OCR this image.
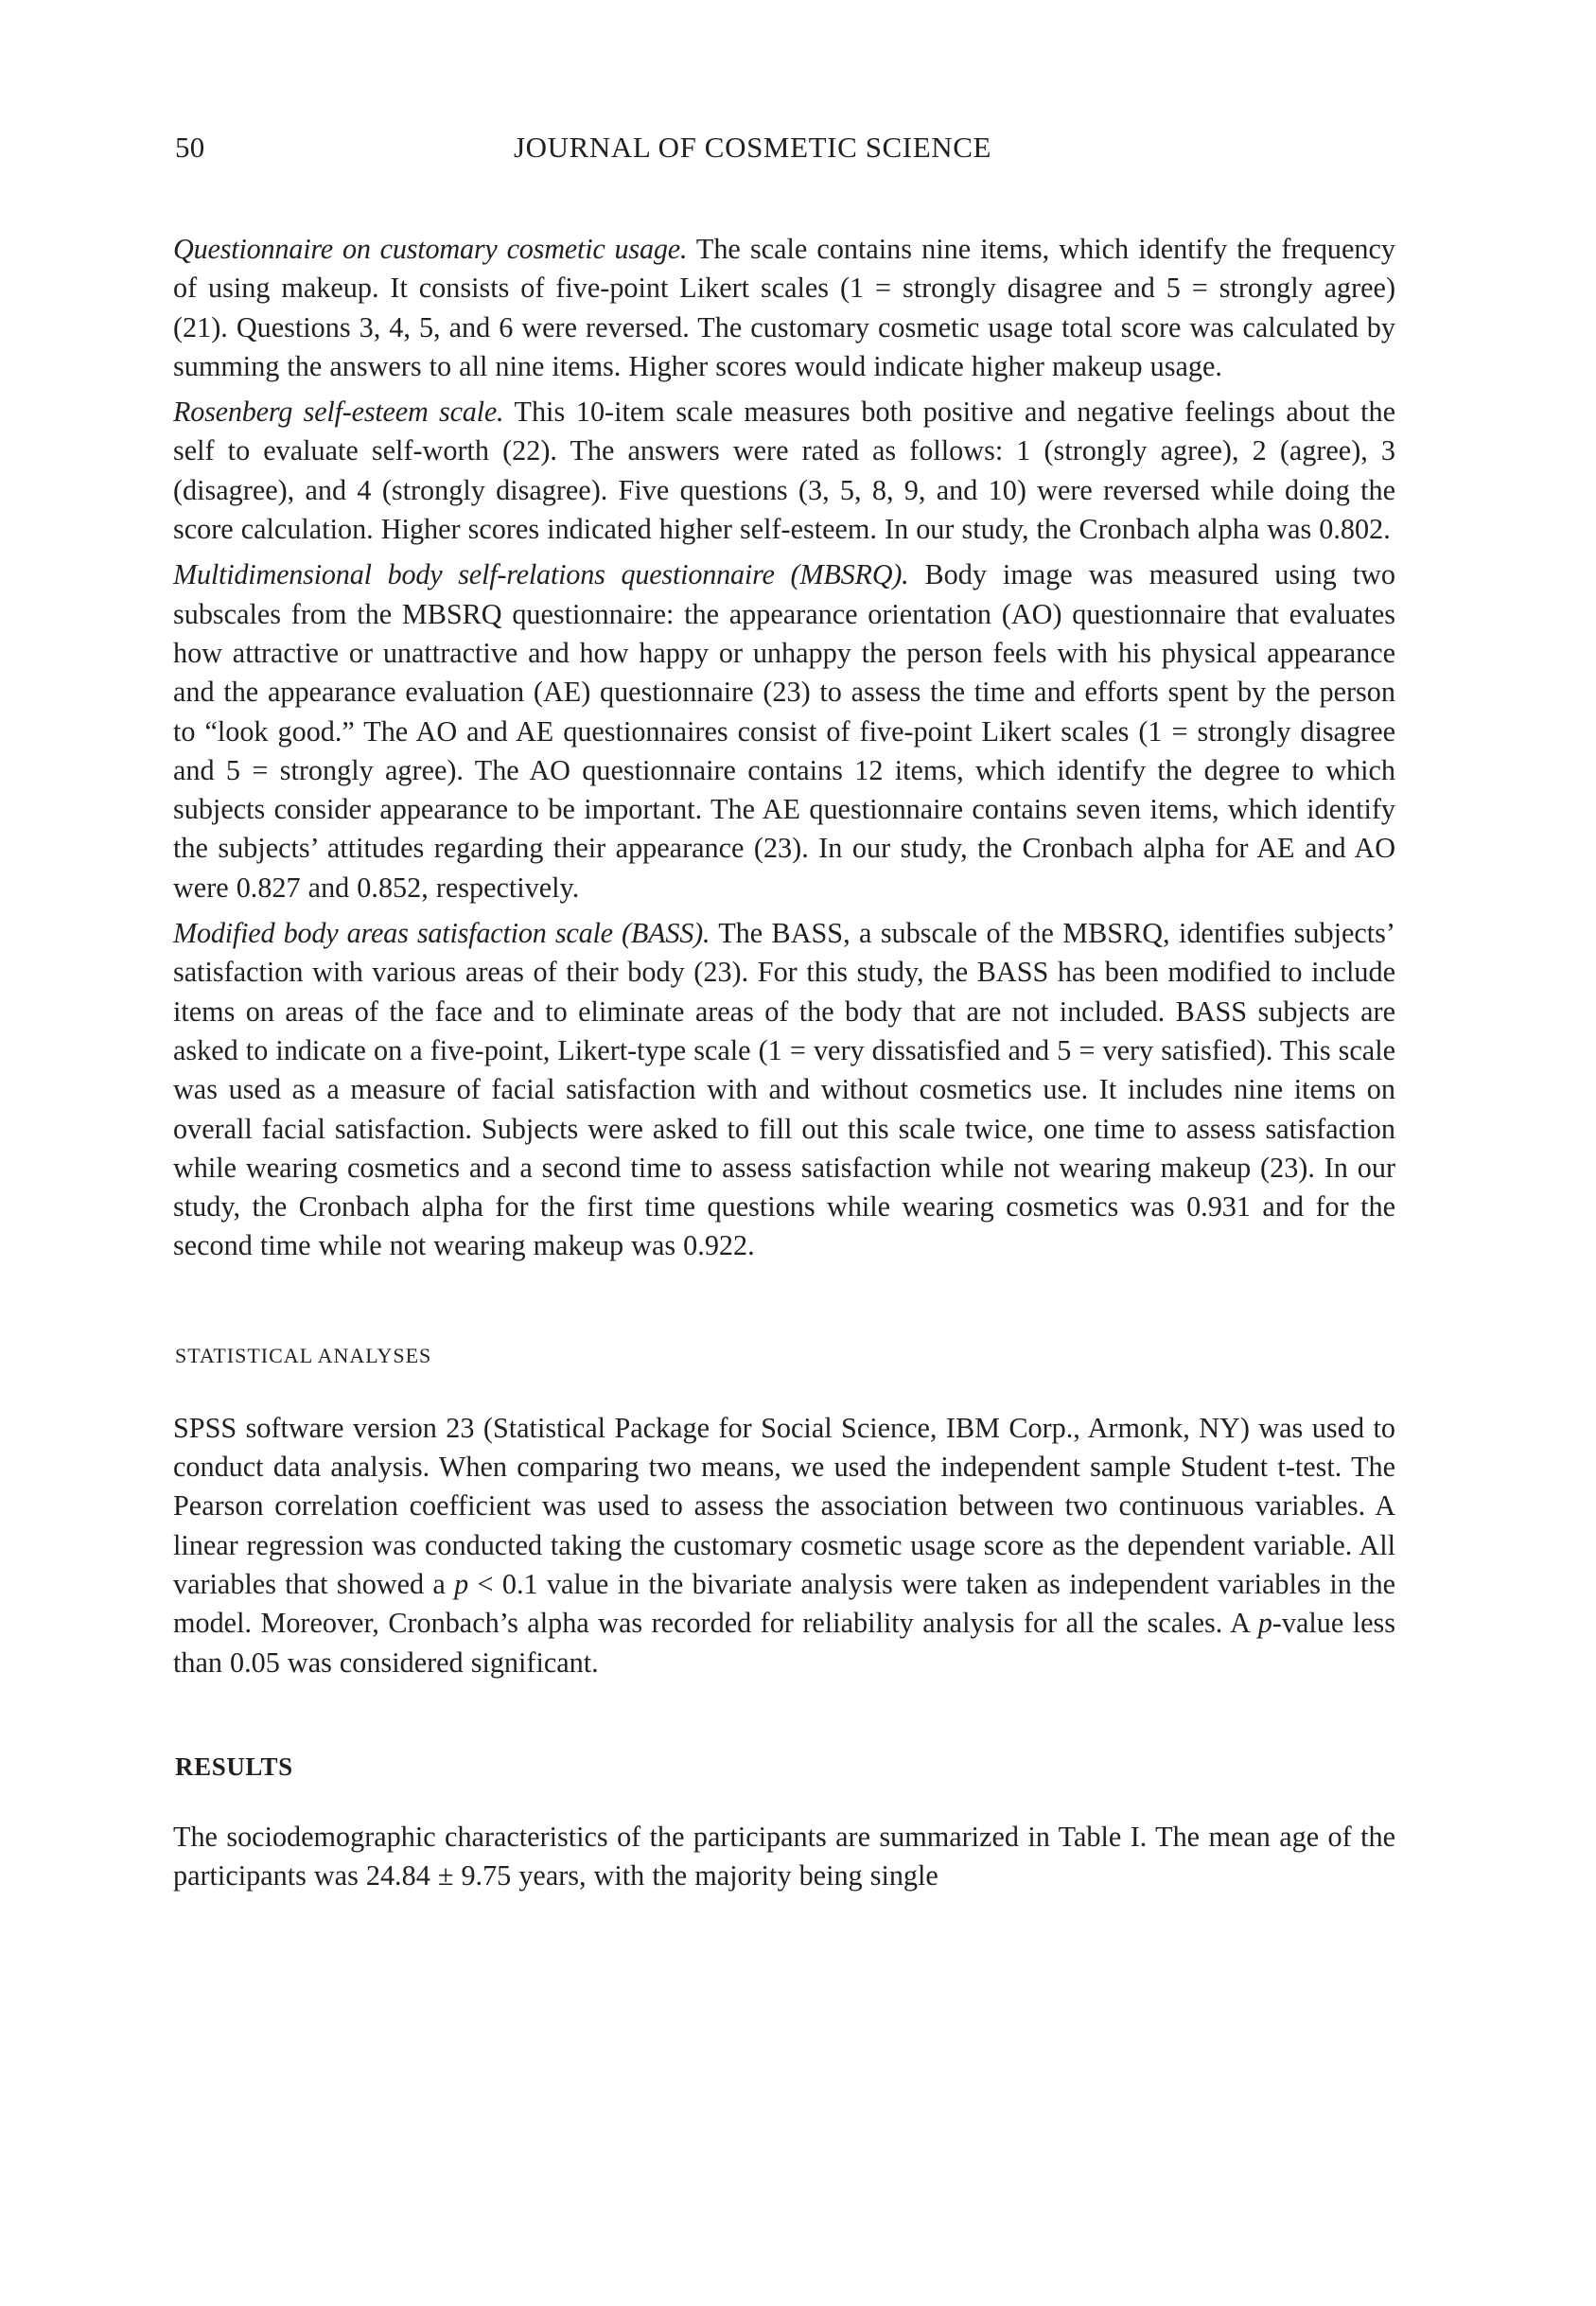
50	JOURNAL OF COSMETIC SCIENCE

Questionnaire on customary cosmetic usage. The scale contains nine items, which identify the frequency of using makeup. It consists of five-point Likert scales (1 = strongly disagree and 5 = strongly agree) (21). Questions 3, 4, 5, and 6 were reversed. The customary cosmetic usage total score was calculated by summing the answers to all nine items. Higher scores would indicate higher makeup usage.

Rosenberg self-esteem scale. This 10-item scale measures both positive and negative feelings about the self to evaluate self-worth (22). The answers were rated as follows: 1 (strongly agree), 2 (agree), 3 (disagree), and 4 (strongly disagree). Five questions (3, 5, 8, 9, and 10) were reversed while doing the score calculation. Higher scores indicated higher self-esteem. In our study, the Cronbach alpha was 0.802.

Multidimensional body self-relations questionnaire (MBSRQ). Body image was measured using two subscales from the MBSRQ questionnaire: the appearance orientation (AO) questionnaire that evaluates how attractive or unattractive and how happy or unhappy the person feels with his physical appearance and the appearance evaluation (AE) questionnaire (23) to assess the time and efforts spent by the person to “look good.” The AO and AE questionnaires consist of five-point Likert scales (1 = strongly disagree and 5 = strongly agree). The AO questionnaire contains 12 items, which identify the degree to which subjects consider appearance to be important. The AE questionnaire contains seven items, which identify the subjects’ attitudes regarding their appearance (23). In our study, the Cronbach alpha for AE and AO were 0.827 and 0.852, respectively.

Modified body areas satisfaction scale (BASS). The BASS, a subscale of the MBSRQ, identifies subjects’ satisfaction with various areas of their body (23). For this study, the BASS has been modified to include items on areas of the face and to eliminate areas of the body that are not included. BASS subjects are asked to indicate on a five-point, Likert-type scale (1 = very dissatisfied and 5 = very satisfied). This scale was used as a measure of facial satisfaction with and without cosmetics use. It includes nine items on overall facial satisfaction. Subjects were asked to fill out this scale twice, one time to assess satisfaction while wearing cosmetics and a second time to assess satisfaction while not wearing makeup (23). In our study, the Cronbach alpha for the first time questions while wearing cosmetics was 0.931 and for the second time while not wearing makeup was 0.922.

STATISTICAL ANALYSES

SPSS software version 23 (Statistical Package for Social Science, IBM Corp., Armonk, NY) was used to conduct data analysis. When comparing two means, we used the independent sample Student t-test. The Pearson correlation coefficient was used to assess the association between two continuous variables. A linear regression was conducted taking the customary cosmetic usage score as the dependent variable. All variables that showed a p < 0.1 value in the bivariate analysis were taken as independent variables in the model. Moreover, Cronbach’s alpha was recorded for reliability analysis for all the scales. A p-value less than 0.05 was considered significant.

RESULTS

The sociodemographic characteristics of the participants are summarized in Table I. The mean age of the participants was 24.84 ± 9.75 years, with the majority being single
